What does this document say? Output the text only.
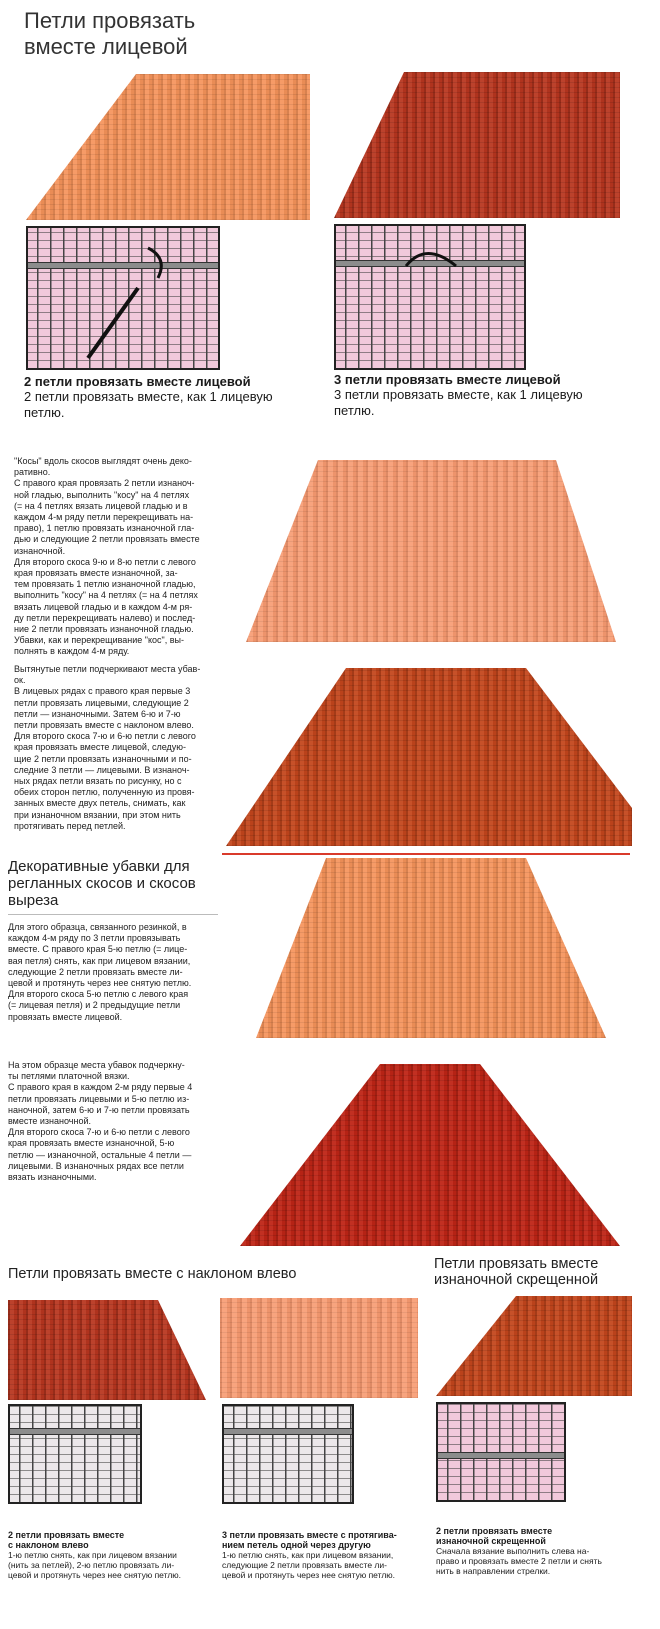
Петли провязать
вместе лицевой
2 петли провязать вместе лицевой
2 петли провязать вместе, как 1 лицевую
петлю.
3 петли провязать вместе лицевой
3 петли провязать вместе, как 1 лицевую
петлю.
"Косы" вдоль скосов выглядят очень деко-
ративно.
С правого края провязать 2 петли изнаноч-
ной гладью, выполнить "косу" на 4 петлях
(= на 4 петлях вязать лицевой гладью и в
каждом 4-м ряду петли перекрещивать на-
право), 1 петлю провязать изнаночной гла-
дью и следующие 2 петли провязать вместе
изнаночной.
Для второго скоса 9-ю и 8-ю петли с левого
края провязать вместе изнаночной, за-
тем провязать 1 петлю изнаночной гладью,
выполнить "косу" на 4 петлях (= на 4 петлях
вязать лицевой гладью и в каждом 4-м ря-
ду петли перекрещивать налево) и послед-
ние 2 петли провязать изнаночной гладью.
Убавки, как и перекрещивание "кос", вы-
полнять в каждом 4-м ряду.
Вытянутые петли подчеркивают места убав-
ок.
В лицевых рядах с правого края первые 3
петли провязать лицевыми, следующие 2
петли — изнаночными. Затем 6-ю и 7-ю
петли провязать вместе с наклоном влево.
Для второго скоса 7-ю и 6-ю петли с левого
края провязать вместе лицевой, следую-
щие 2 петли провязать изнаночными и по-
следние 3 петли — лицевыми. В изнаноч-
ных рядах петли вязать по рисунку, но с
обеих сторон петлю, полученную из провя-
занных вместе двух петель, снимать, как
при изнаночном вязании, при этом нить
протягивать перед петлей.
Декоративные убавки для
регланных скосов и скосов
выреза
Для этого образца, связанного резинкой, в
каждом 4-м ряду по 3 петли провязывать
вместе. С правого края 5-ю петлю (= лице-
вая петля) снять, как при лицевом вязании,
следующие 2 петли провязать вместе ли-
цевой и протянуть через нее снятую петлю.
Для второго скоса 5-ю петлю с левого края
(= лицевая петля) и 2 предыдущие петли
провязать вместе лицевой.
На этом образце места убавок подчеркну-
ты петлями платочной вязки.
С правого края в каждом 2-м ряду первые 4
петли провязать лицевыми и 5-ю петлю из-
наночной, затем 6-ю и 7-ю петли провязать
вместе изнаночной.
Для второго скоса 7-ю и 6-ю петли с левого
края провязать вместе изнаночной, 5-ю
петлю — изнаночной, остальные 4 петли —
лицевыми. В изнаночных рядах все петли
вязать изнаночными.
Петли провязать вместе с наклоном влево
Петли провязать вместе
изнаночной скрещенной
2 петли провязать вместе
с наклоном влево
1-ю петлю снять, как при лицевом вязании
(нить за петлей), 2-ю петлю провязать ли-
цевой и протянуть через нее снятую петлю.
3 петли провязать вместе с протягива-
нием петель одной через другую
1-ю петлю снять, как при лицевом вязании,
следующие 2 петли провязать вместе ли-
цевой и протянуть через нее снятую петлю.
2 петли провязать вместе
изнаночной скрещенной
Сначала вязание выполнить слева на-
право и провязать вместе 2 петли и снять
нить в направлении стрелки.
